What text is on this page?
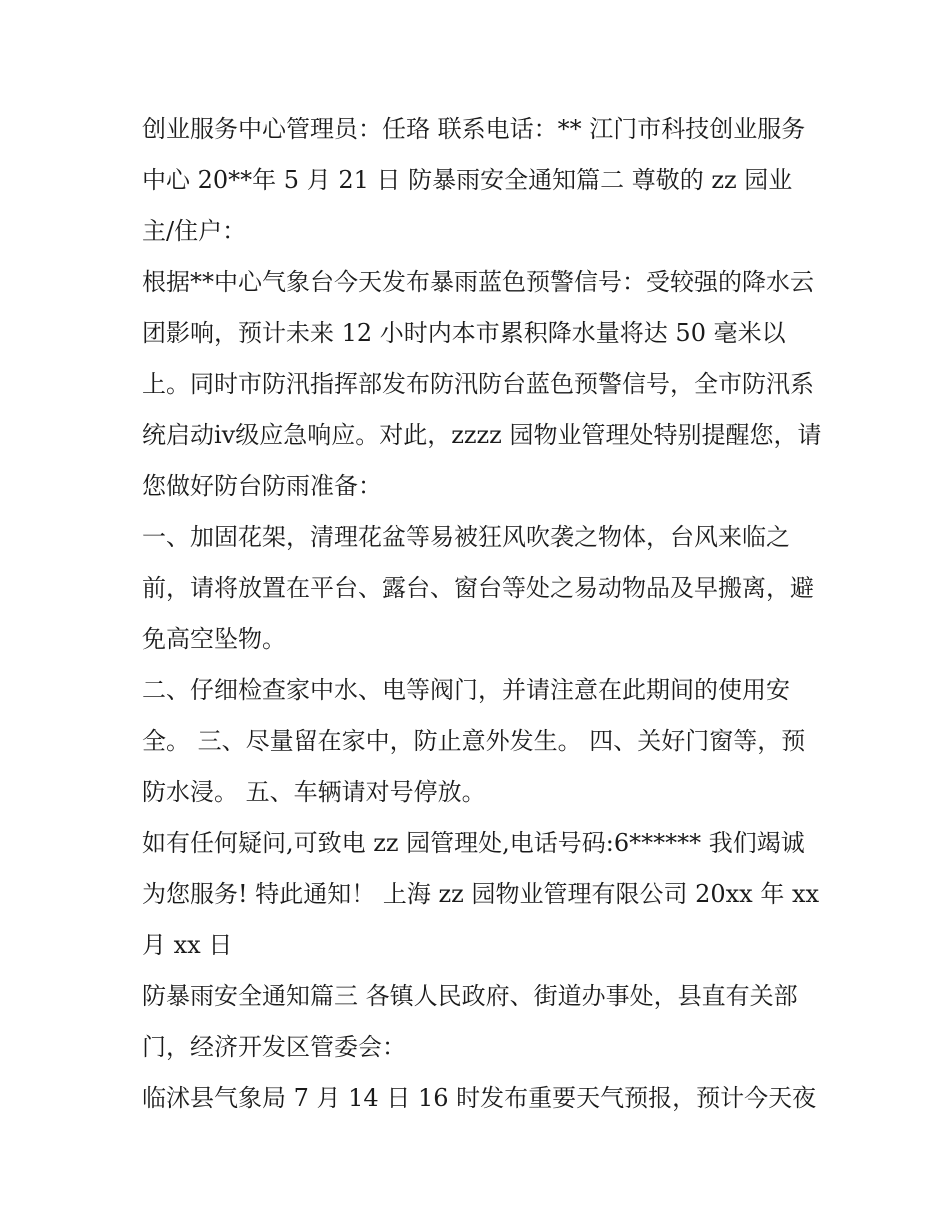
创业服务中心管理员：任珞 联系电话：** 江门市科技创业服务中心 20**年 5 月 21 日 防暴雨安全通知篇二 尊敬的 zz 园业主/住户：

根据**中心气象台今天发布暴雨蓝色预警信号：受较强的降水云团影响，预计未来 12 小时内本市累积降水量将达 50 毫米以上。同时市防汛指挥部发布防汛防台蓝色预警信号，全市防汛系统启动ⅳ级应急响应。对此，zzzz 园物业管理处特别提醒您，请您做好防台防雨准备：

一、加固花架，清理花盆等易被狂风吹袭之物体，台风来临之前，请将放置在平台、露台、窗台等处之易动物品及早搬离，避免高空坠物。

二、仔细检查家中水、电等阀门，并请注意在此期间的使用安全。 三、尽量留在家中，防止意外发生。 四、关好门窗等，预防水浸。 五、车辆请对号停放。

如有任何疑问,可致电 zz 园管理处,电话号码:6****** 我们竭诚为您服务! 特此通知！ 上海 zz 园物业管理有限公司 20xx 年 xx 月 xx 日

防暴雨安全通知篇三 各镇人民政府、街道办事处，县直有关部门，经济开发区管委会：

临沭县气象局 7 月 14 日 16 时发布重要天气预报，预计今天夜
